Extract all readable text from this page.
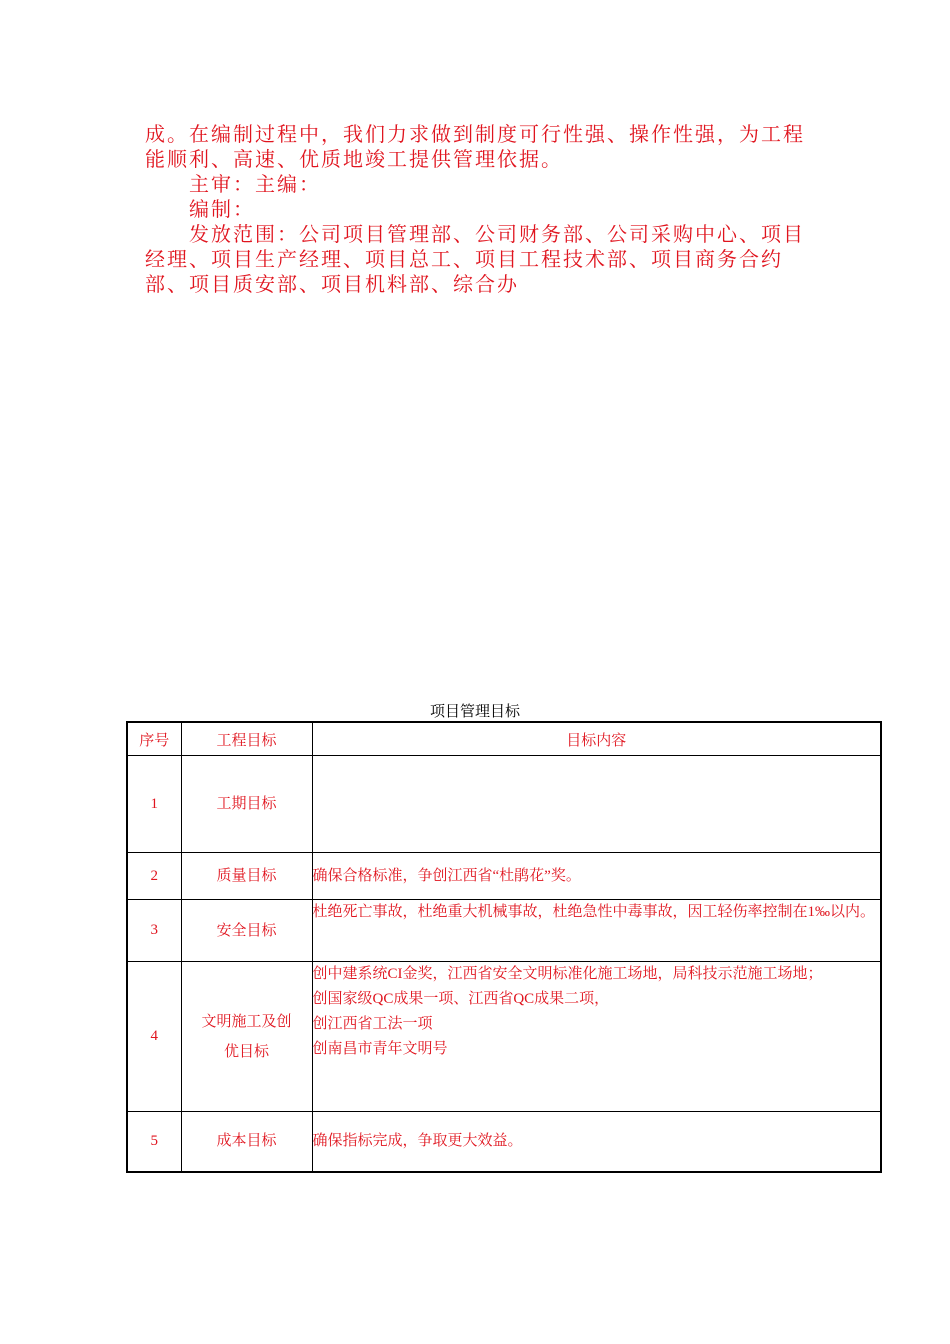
成。在编制过程中，我们力求做到制度可行性强、操作性强，为工程能顺利、高速、优质地竣工提供管理依据。

主审：主编：

编制：

发放范围：公司项目管理部、公司财务部、公司采购中心、项目经理、项目生产经理、项目总工、项目工程技术部、项目商务合约部、项目质安部、项目机料部、综合办

项目管理目标
序号	工程目标	目标内容
1	工期目标	
2	质量目标	确保合格标准，争创江西省“杜鹃花”奖。

3	安全目标	杜绝死亡事故，杜绝重大机械事故，杜绝急性中毒事故，因工轻伤率控制在1‰以内。

4	文明施工及创优目标	创中建系统CI金奖，江西省安全文明标准化施工场地，局科技示范施工场地；
创国家级QC成果一项、江西省QC成果二项，
创江西省工法一项
创南昌市青年文明号

5	成本目标	确保指标完成，争取更大效益。
